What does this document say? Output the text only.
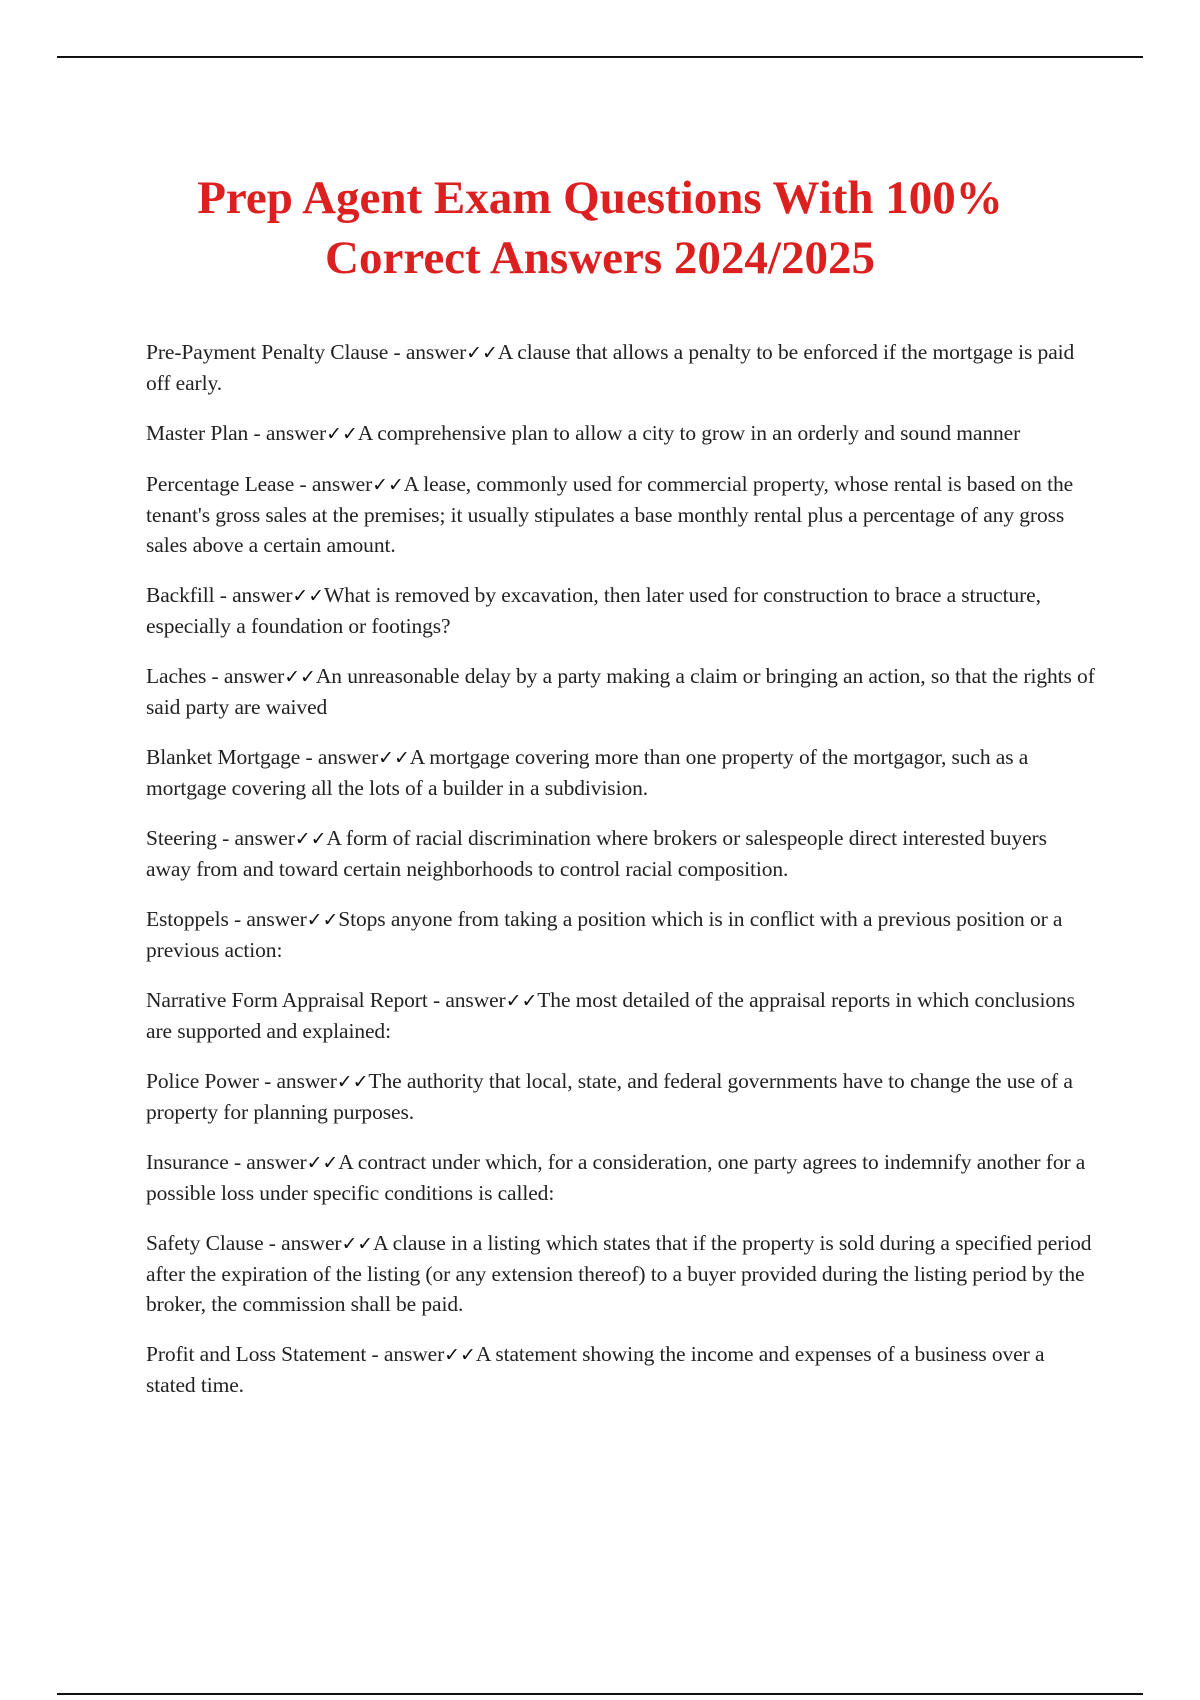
Prep Agent Exam Questions With 100%
Correct Answers 2024/2025
Pre-Payment Penalty Clause - answer✓✓A clause that allows a penalty to be enforced if the mortgage is paid off early.
Master Plan - answer✓✓A comprehensive plan to allow a city to grow in an orderly and sound manner
Percentage Lease - answer✓✓A lease, commonly used for commercial property, whose rental is based on the tenant's gross sales at the premises; it usually stipulates a base monthly rental plus a percentage of any gross sales above a certain amount.
Backfill - answer✓✓What is removed by excavation, then later used for construction to brace a structure, especially a foundation or footings?
Laches - answer✓✓An unreasonable delay by a party making a claim or bringing an action, so that the rights of said party are waived
Blanket Mortgage - answer✓✓A mortgage covering more than one property of the mortgagor, such as a mortgage covering all the lots of a builder in a subdivision.
Steering - answer✓✓A form of racial discrimination where brokers or salespeople direct interested buyers away from and toward certain neighborhoods to control racial composition.
Estoppels - answer✓✓Stops anyone from taking a position which is in conflict with a previous position or a previous action:
Narrative Form Appraisal Report - answer✓✓The most detailed of the appraisal reports in which conclusions are supported and explained:
Police Power - answer✓✓The authority that local, state, and federal governments have to change the use of a property for planning purposes.
Insurance - answer✓✓A contract under which, for a consideration, one party agrees to indemnify another for a possible loss under specific conditions is called:
Safety Clause - answer✓✓A clause in a listing which states that if the property is sold during a specified period after the expiration of the listing (or any extension thereof) to a buyer provided during the listing period by the broker, the commission shall be paid.
Profit and Loss Statement - answer✓✓A statement showing the income and expenses of a business over a stated time.
